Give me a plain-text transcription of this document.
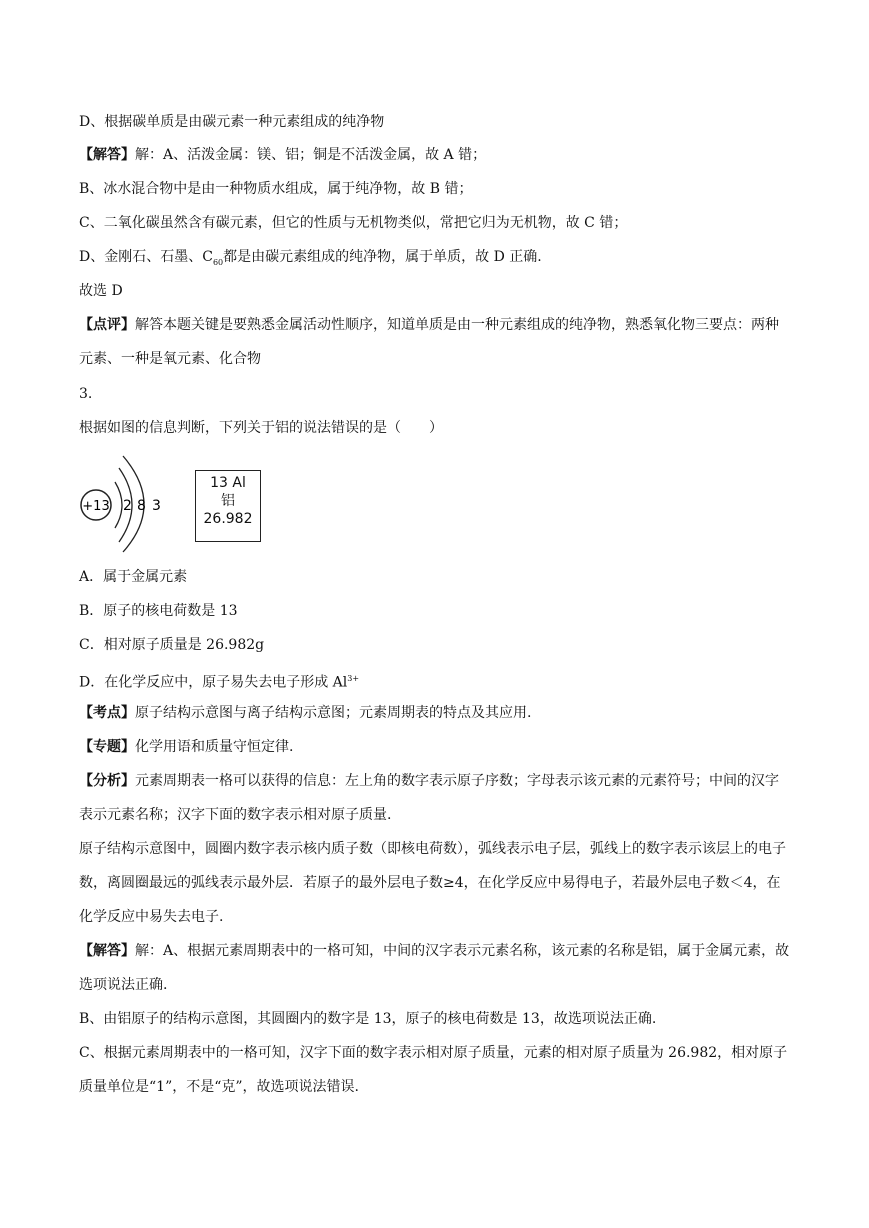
D、根据碳单质是由碳元素一种元素组成的纯净物
【解答】解：A、活泼金属：镁、铝；铜是不活泼金属，故 A 错；
B、冰水混合物中是由一种物质水组成，属于纯净物，故 B 错；
C、二氧化碳虽然含有碳元素，但它的性质与无机物类似，常把它归为无机物，故 C 错；
D、金刚石、石墨、$C_{60}$都是由碳元素组成的纯净物，属于单质，故 D 正确.
故选 D
【点评】解答本题关键是要熟悉金属活动性顺序，知道单质是由一种元素组成的纯净物，熟悉氧化物三要点：两种元素、一种是氧元素、化合物
3.
根据如图的信息判断，下列关于铝的说法错误的是（　　）
+13 2 8 3
13 Al
铝
26.982
A．属于金属元素
B．原子的核电荷数是 13
C．相对原子质量是 26.982g
D．在化学反应中，原子易失去电子形成 $Al^{3+}$
【考点】原子结构示意图与离子结构示意图；元素周期表的特点及其应用.
【专题】化学用语和质量守恒定律.
【分析】元素周期表一格可以获得的信息：左上角的数字表示原子序数；字母表示该元素的元素符号；中间的汉字表示元素名称；汉字下面的数字表示相对原子质量.
原子结构示意图中，圆圈内数字表示核内质子数（即核电荷数），弧线表示电子层，弧线上的数字表示该层上的电子数，离圆圈最远的弧线表示最外层．若原子的最外层电子数≥4，在化学反应中易得电子，若最外层电子数＜4，在化学反应中易失去电子.
【解答】解：A、根据元素周期表中的一格可知，中间的汉字表示元素名称，该元素的名称是铝，属于金属元素，故选项说法正确.
B、由铝原子的结构示意图，其圆圈内的数字是 13，原子的核电荷数是 13，故选项说法正确.
C、根据元素周期表中的一格可知，汉字下面的数字表示相对原子质量，元素的相对原子质量为 26.982，相对原子质量单位是“1”，不是“克”，故选项说法错误.
